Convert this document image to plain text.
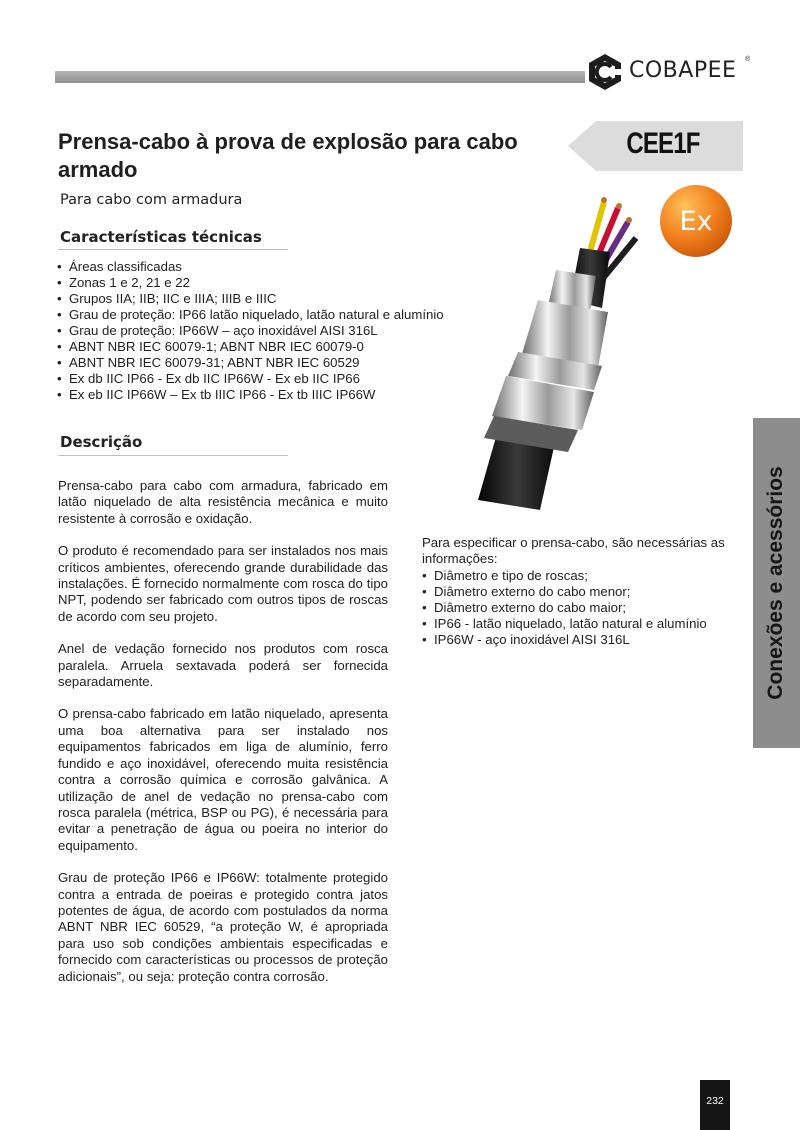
COBAPEE ®
Prensa-cabo à prova de explosão para cabo armado
CEE1F

Para cabo com armadura

Características técnicas
• Áreas classificadas
• Zonas 1 e 2, 21 e 22
• Grupos IIA; IIB; IIC e IIIA; IIIB e IIIC
• Grau de proteção: IP66 latão niquelado, latão natural e alumínio
• Grau de proteção: IP66W – aço inoxidável AISI 316L
• ABNT NBR IEC 60079-1; ABNT NBR IEC 60079-0
• ABNT NBR IEC 60079-31; ABNT NBR IEC 60529
• Ex db IIC IP66 - Ex db IIC IP66W - Ex eb IIC IP66
• Ex eb IIC IP66W – Ex tb IIIC IP66 - Ex tb IIIC IP66W
Descrição

Prensa-cabo para cabo com armadura, fabricado em latão niquelado de alta resistência mecânica e muito resistente à corrosão e oxidação.

O produto é recomendado para ser instalados nos mais críticos ambientes, oferecendo grande durabilidade das instalações. É fornecido normalmente com rosca do tipo NPT, podendo ser fabricado com outros tipos de roscas de acordo com seu projeto.

Anel de vedação fornecido nos produtos com rosca paralela. Arruela sextavada poderá ser fornecida separadamente.

O prensa-cabo fabricado em latão niquelado, apresenta uma boa alternativa para ser instalado nos equipamentos fabricados em liga de alumínio, ferro fundido e aço inoxidável, oferecendo muita resistência contra a corrosão química e corrosão galvânica. A utilização de anel de vedação no prensa-cabo com rosca paralela (métrica, BSP ou PG), é necessária para evitar a penetração de água ou poeira no interior do equipamento.

Grau de proteção IP66 e IP66W: totalmente protegido contra a entrada de poeiras e protegido contra jatos potentes de água, de acordo com postulados da norma ABNT NBR IEC 60529, “a proteção W, é apropriada para uso sob condições ambientais especificadas e fornecido com características ou processos de proteção adicionais”, ou seja: proteção contra corrosão.

Ex

Para especificar o prensa-cabo, são necessárias as informações:

• Diâmetro e tipo de roscas;
• Diâmetro externo do cabo menor;
• Diâmetro externo do cabo maior;
• IP66 - latão niquelado, latão natural e alumínio
• IP66W - aço inoxidável AISI 316L	Conexões e acessórios
232
